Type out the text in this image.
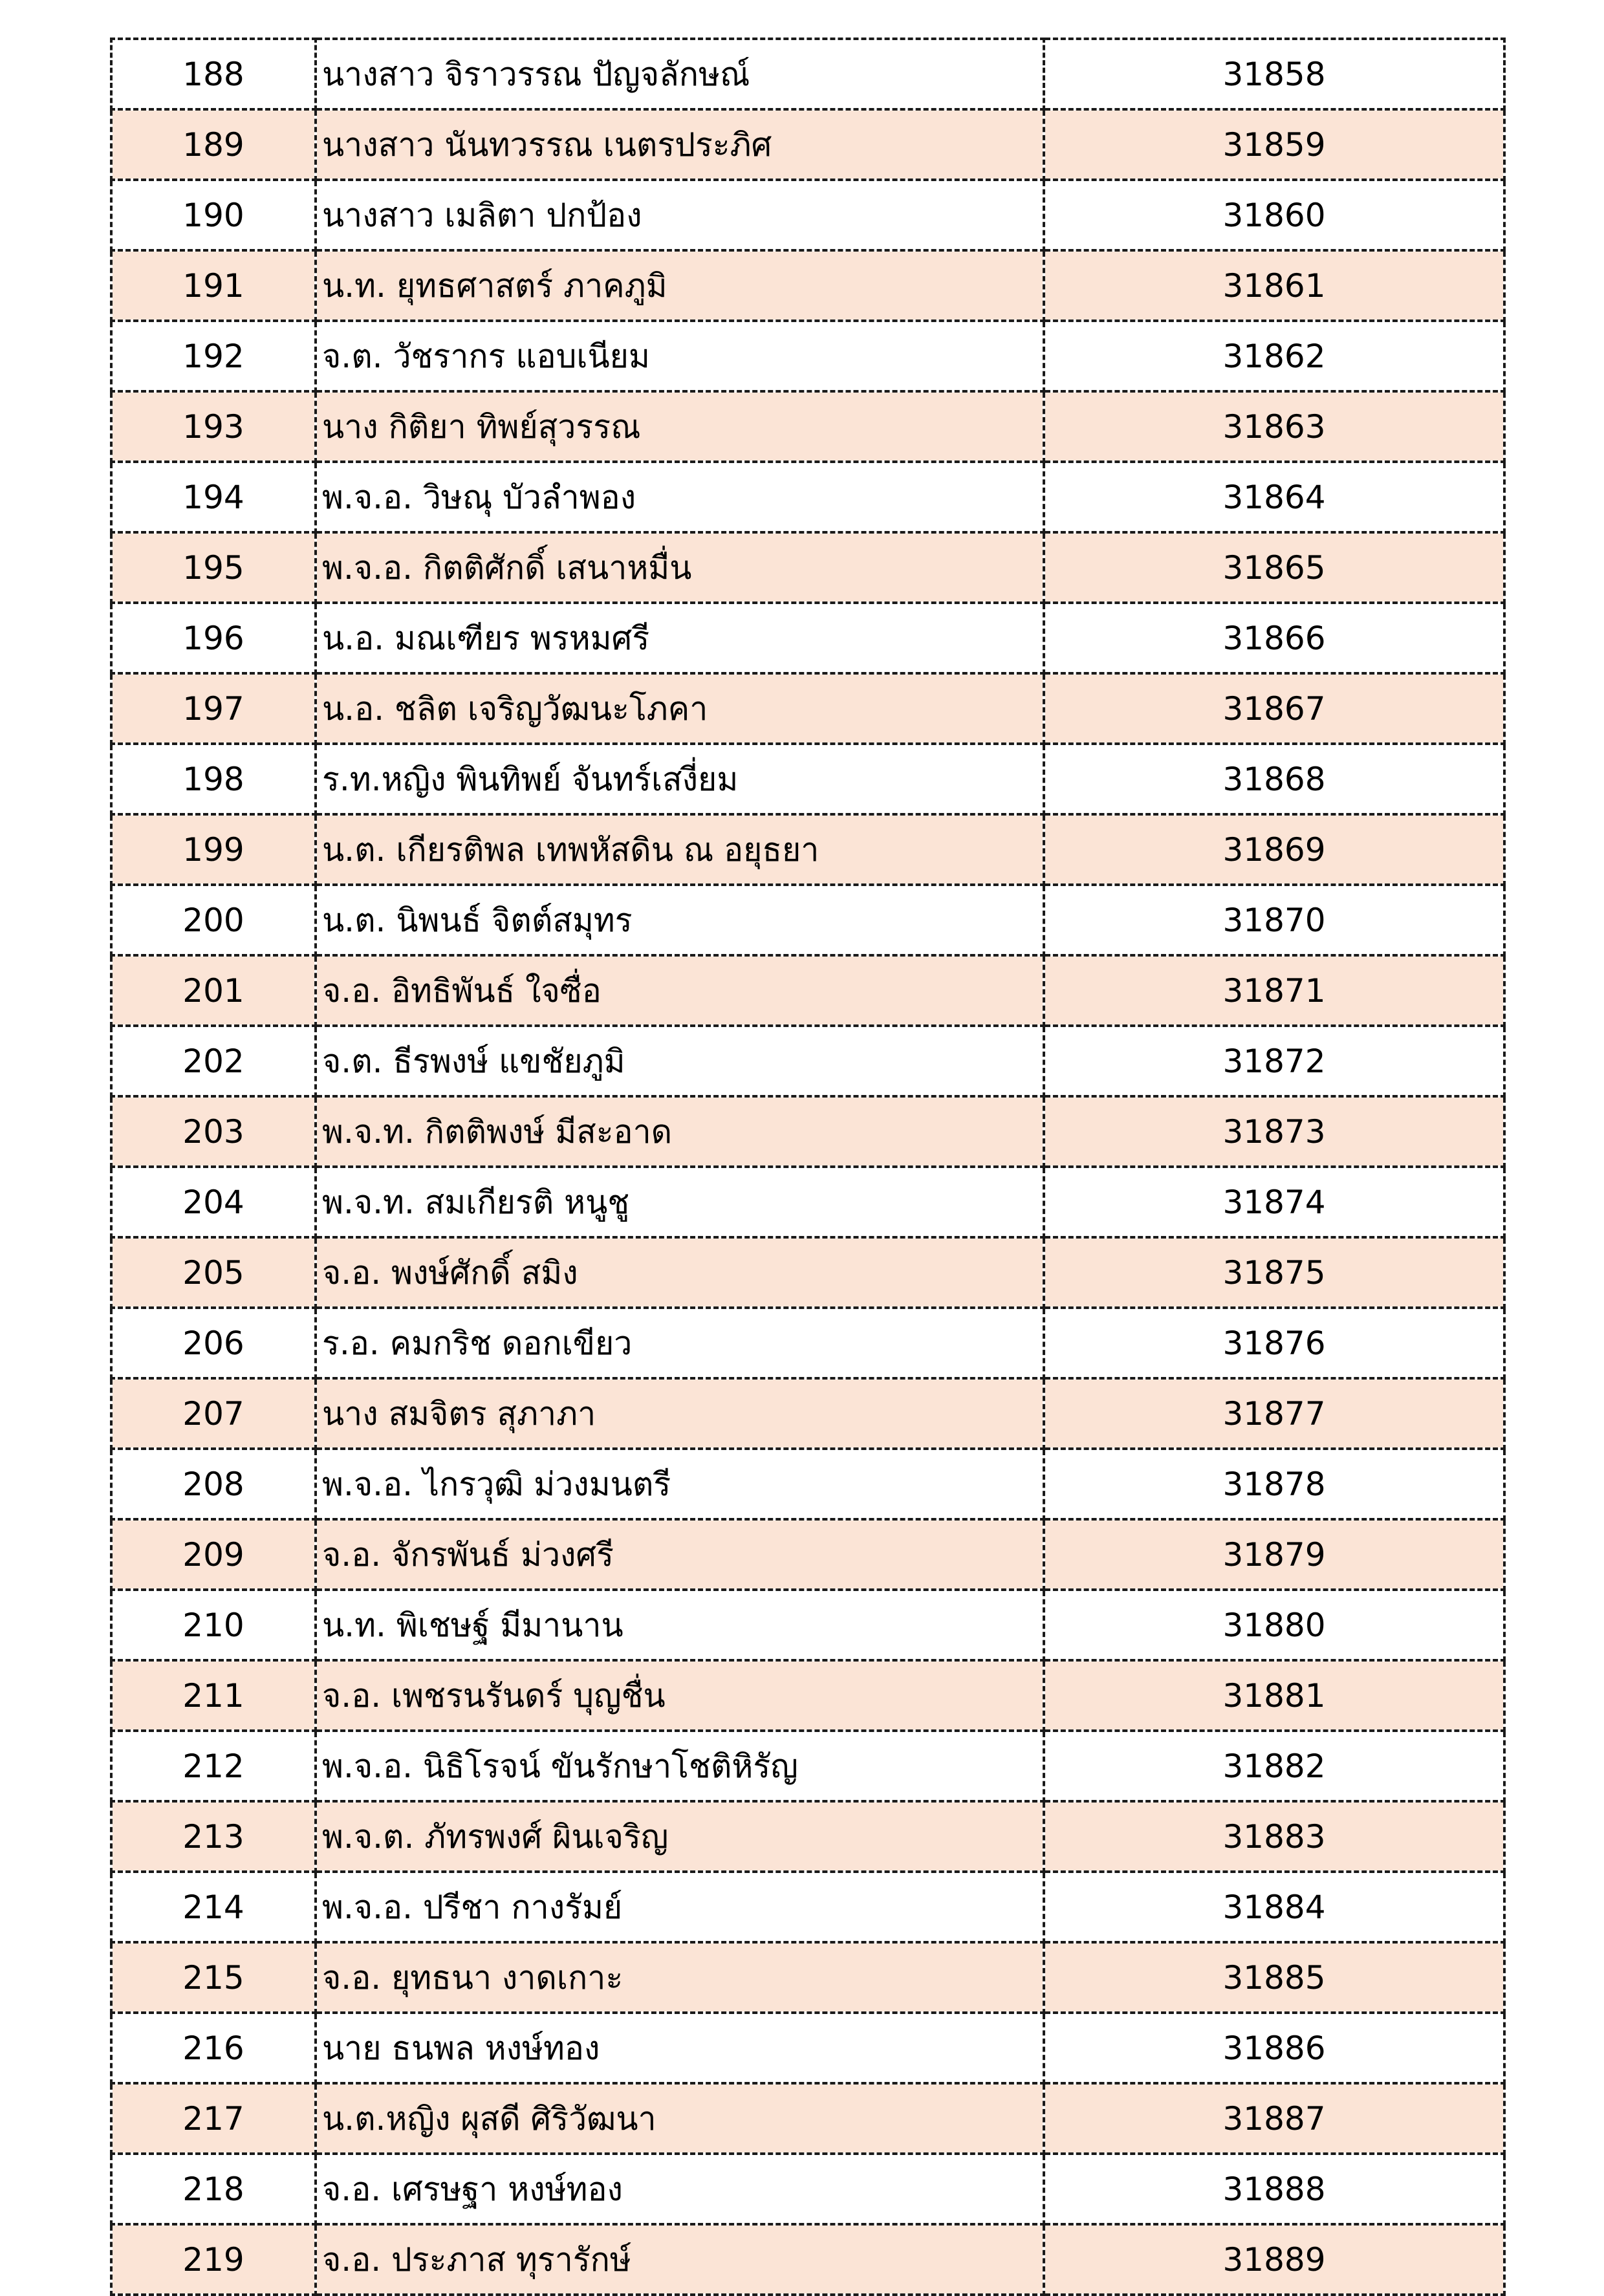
188	นางสาว จิราวรรณ ปัญจลักษณ์	31858
189	นางสาว นันทวรรณ เนตรประภิศ	31859
190	นางสาว เมลิตา ปกป้อง	31860
191	น.ท. ยุทธศาสตร์ ภาคภูมิ	31861
192	จ.ต. วัชรากร แอบเนียม	31862
193	นาง กิติยา ทิพย์สุวรรณ	31863
194	พ.จ.อ. วิษณุ บัวลำพอง	31864
195	พ.จ.อ. กิตติศักดิ์ เสนาหมื่น	31865
196	น.อ. มณเฑียร พรหมศรี	31866
197	น.อ. ชลิต เจริญวัฒนะโภคา	31867
198	ร.ท.หญิง พินทิพย์ จันทร์เสงี่ยม	31868
199	น.ต. เกียรติพล เทพหัสดิน ณ อยุธยา	31869
200	น.ต. นิพนธ์ จิตต์สมุทร	31870
201	จ.อ. อิทธิพันธ์ ใจซื่อ	31871
202	จ.ต. ธีรพงษ์ แขชัยภูมิ	31872
203	พ.จ.ท. กิตติพงษ์ มีสะอาด	31873
204	พ.จ.ท. สมเกียรติ หนูชู	31874
205	จ.อ. พงษ์ศักดิ์ สมิง	31875
206	ร.อ. คมกริช ดอกเขียว	31876
207	นาง สมจิตร สุภาภา	31877
208	พ.จ.อ. ไกรวุฒิ ม่วงมนตรี	31878
209	จ.อ. จักรพันธ์ ม่วงศรี	31879
210	น.ท. พิเชษฐ์ มีมานาน	31880
211	จ.อ. เพชรนรันดร์ บุญชื่น	31881
212	พ.จ.อ. นิธิโรจน์ ขันรักษาโชติหิรัญ	31882
213	พ.จ.ต. ภัทรพงศ์ ผินเจริญ	31883
214	พ.จ.อ. ปรีชา กางรัมย์	31884
215	จ.อ. ยุทธนา งาดเกาะ	31885
216	นาย ธนพล หงษ์ทอง	31886
217	น.ต.หญิง ผุสดี ศิริวัฒนา	31887
218	จ.อ. เศรษฐา หงษ์ทอง	31888
219	จ.อ. ประภาส ทุรารักษ์	31889
